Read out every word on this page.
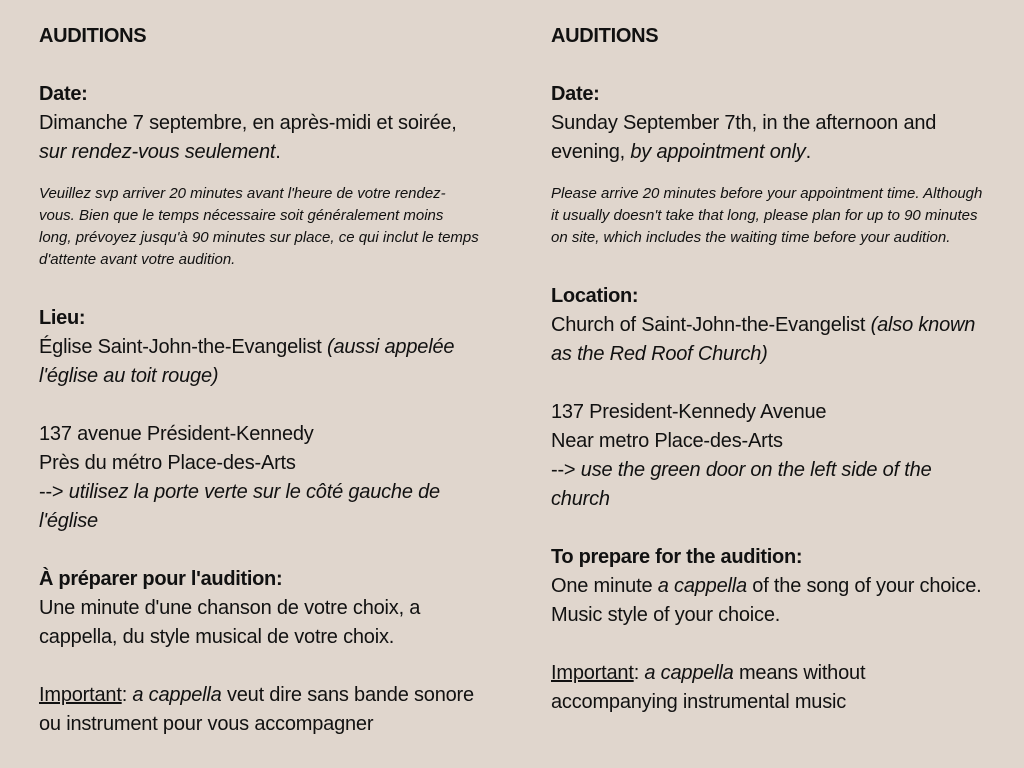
AUDITIONS

Date:

Dimanche 7 septembre, en après-midi et soirée, sur rendez-vous seulement.

Veuillez svp arriver 20 minutes avant l'heure de votre rendez-vous. Bien que le temps nécessaire soit généralement moins long, prévoyez jusqu'à 90 minutes sur place, ce qui inclut le temps d'attente avant votre audition.

Lieu:

Église Saint-John-the-Evangelist (aussi appelée l'église au toit rouge)

137 avenue Président-Kennedy

Près du métro Place-des-Arts

--> utilisez la porte verte sur le côté gauche de l'église

À préparer pour l'audition:

Une minute d'une chanson de votre choix, a cappella, du style musical de votre choix.

Important: a cappella veut dire sans bande sonore ou instrument pour vous accompagner

AUDITIONS

Date:

Sunday September 7th, in the afternoon and evening, by appointment only.

Please arrive 20 minutes before your appointment time. Although it usually doesn't take that long, please plan for up to 90 minutes on site, which includes the waiting time before your audition.

Location:

Church of Saint-John-the-Evangelist (also known as the Red Roof Church)

137 President-Kennedy Avenue

Near metro Place-des-Arts

--> use the green door on the left side of the church

To prepare for the audition:

One minute a cappella of the song of your choice. Music style of your choice.

Important: a cappella means without accompanying instrumental music
